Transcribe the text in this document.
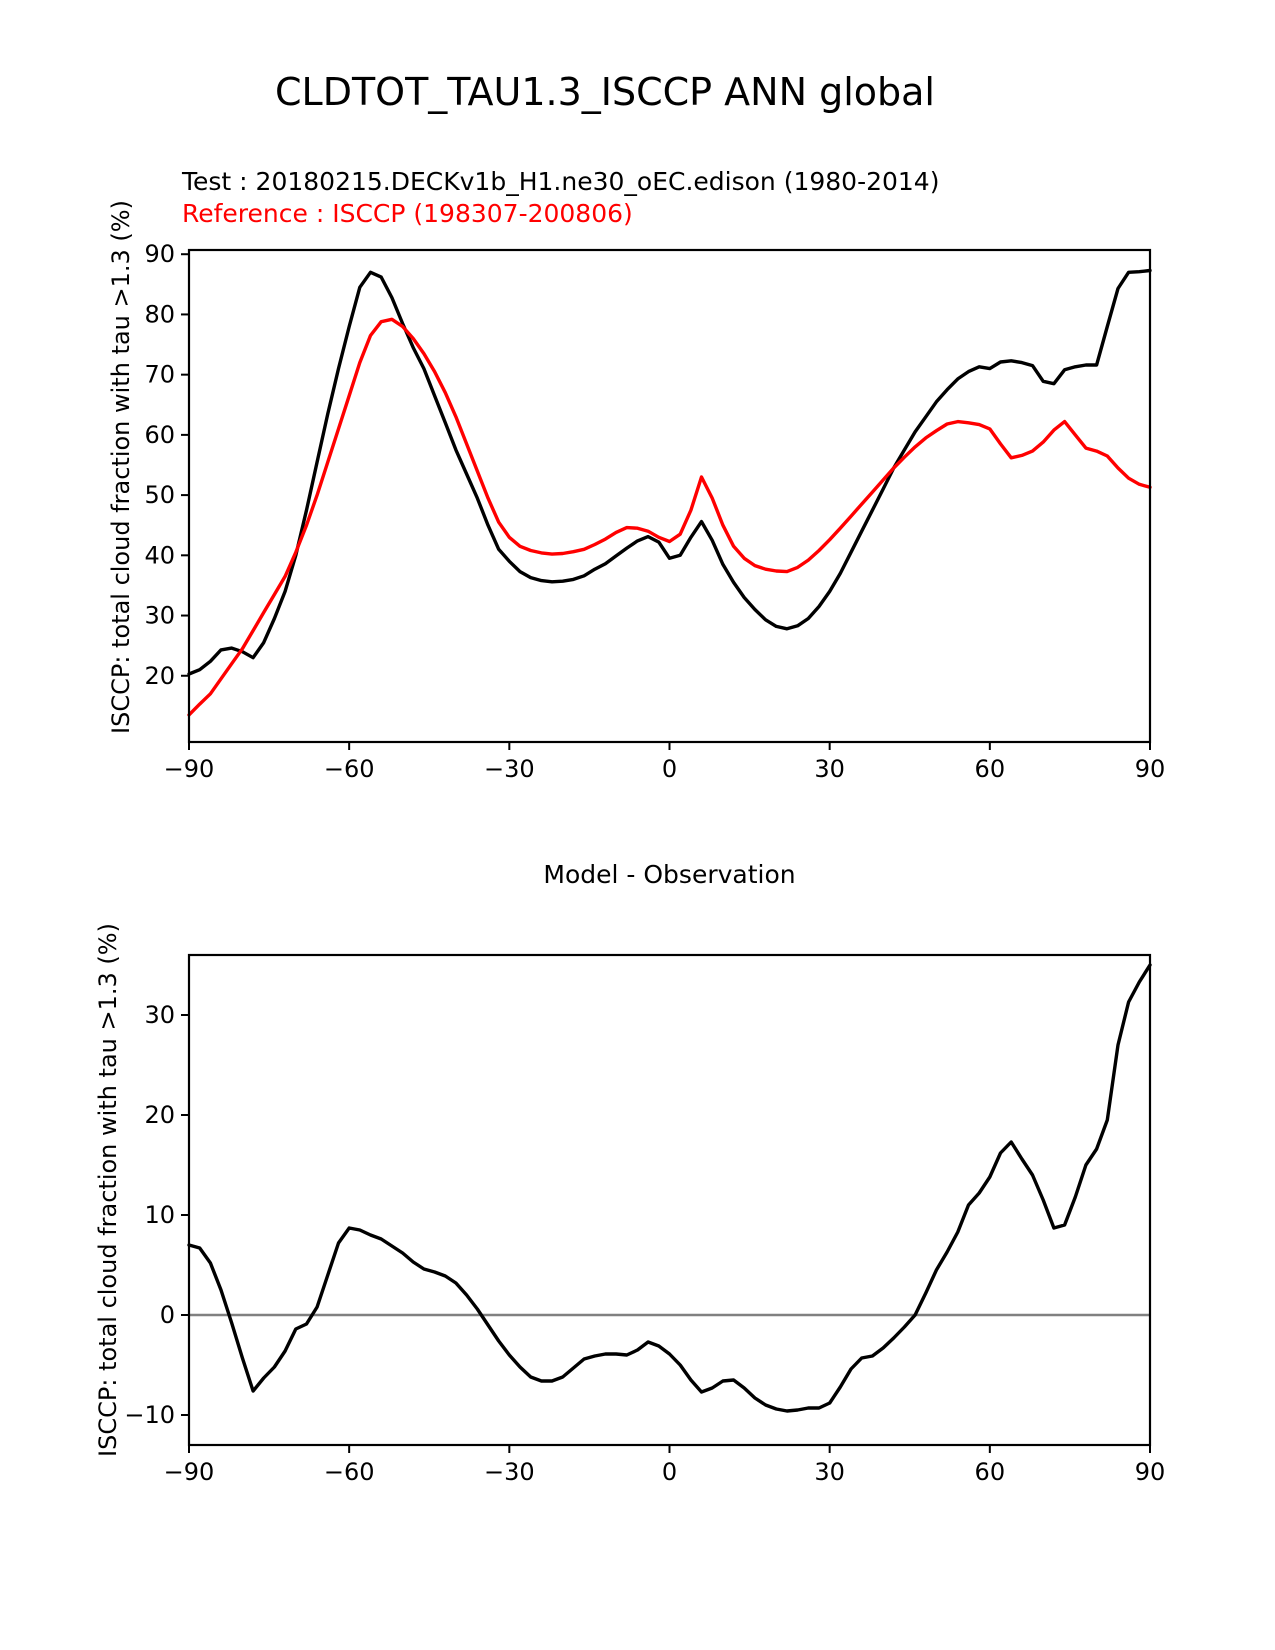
CLDTOT_TAU1.3_ISCCP ANN global
Test : 20180215.DECKv1b_H1.ne30_oEC.edison (1980-2014)
Reference : ISCCP (198307-200806)
ISCCP: total cloud fraction with tau >1.3 (%)
Model - Observation
ISCCP: total cloud fraction with tau >1.3 (%)
−90	−60	−30	0	30	60	90
20
30
40
50
60
70
80
90
−90	−60	−30	0	30	60	90
−10
0
10
20
30
